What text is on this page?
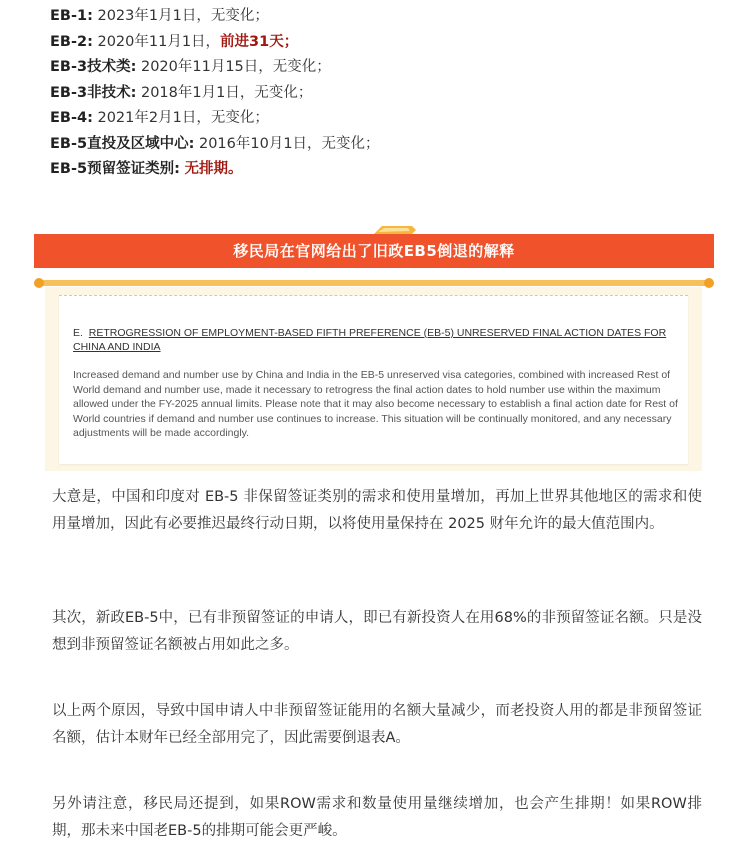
EB-1: 2023年1月1日，无变化；
EB-2: 2020年11月1日，前进31天；
EB-3技术类: 2020年11月15日，无变化；
EB-3非技术: 2018年1月1日，无变化；
EB-4: 2021年2月1日，无变化；
EB-5直投及区域中心: 2016年10月1日，无变化；
EB-5预留签证类别: 无排期。
移民局在官网给出了旧政EB5倒退的解释
E. RETROGRESSION OF EMPLOYMENT-BASED FIFTH PREFERENCE (EB-5) UNRESERVED FINAL ACTION DATES FOR CHINA AND INDIA
Increased demand and number use by China and India in the EB-5 unreserved visa categories, combined with increased Rest of World demand and number use, made it necessary to retrogress the final action dates to hold number use within the maximum allowed under the FY-2025 annual limits. Please note that it may also become necessary to establish a final action date for Rest of World countries if demand and number use continues to increase. This situation will be continually monitored, and any necessary adjustments will be made accordingly.
大意是，中国和印度对 EB-5 非保留签证类别的需求和使用量增加，再加上世界其他地区的需求和使用量增加，因此有必要推迟最终行动日期，以将使用量保持在 2025 财年允许的最大值范围内。
其次，新政EB-5中，已有非预留签证的申请人，即已有新投资人在用68%的非预留签证名额。只是没想到非预留签证名额被占用如此之多。
以上两个原因，导致中国申请人中非预留签证能用的名额大量减少，而老投资人用的都是非预留签证名额，估计本财年已经全部用完了，因此需要倒退表A。
另外请注意，移民局还提到，如果ROW需求和数量使用量继续增加，也会产生排期！如果ROW排期，那未来中国老EB-5的排期可能会更严峻。
